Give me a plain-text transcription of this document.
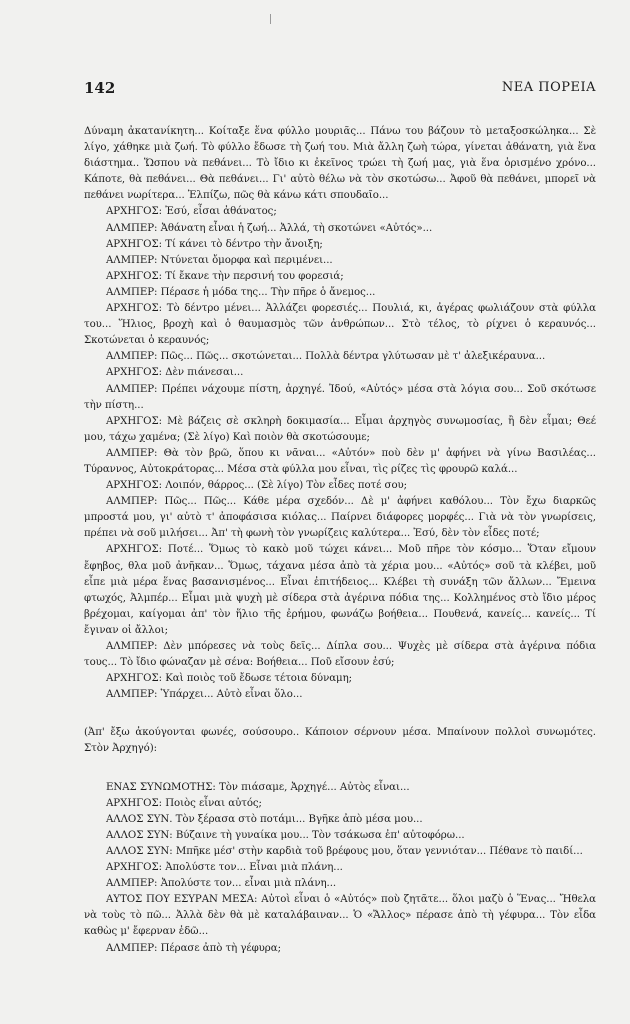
142	ΝΕΑ ΠΟΡΕΙΑ

Δύναμη ἀκατανίκητη... Κοίταξε ἕνα φύλλο μουριᾶς... Πάνω του βάζουν τὸ μεταξοσκώληκα... Σὲ λίγο, χάθηκε μιὰ ζωή. Τὸ φύλλο ἔδωσε τὴ ζωή του. Μιὰ ἄλλη ζωὴ τώρα, γίνεται ἀθάνατη, γιὰ ἕνα διάστημα.. Ὥσπου νὰ πεθάνει... Τὸ ἴδιο κι ἐκεῖνος τρώει τὴ ζωή μας, γιὰ ἕνα ὁρισμένο χρόνο... Κάποτε, θὰ πεθάνει... Θὰ πεθάνει... Γι' αὐτὸ θέλω νὰ τὸν σκοτώσω... Ἀφοῦ θὰ πεθάνει, μπορεῖ νὰ πεθάνει νωρίτερα... Ἐλπίζω, πῶς θὰ κάνω κάτι σπουδαῖο...

ΑΡΧΗΓΟΣ: Ἐσύ, εἶσαι ἀθάνατος;

ΑΛΜΠΕΡ: Ἀθάνατη εἶναι ἡ ζωή... Ἀλλά, τὴ σκοτώνει «Αὐτός»...

ΑΡΧΗΓΟΣ: Τί κάνει τὸ δέντρο τὴν ἄνοιξη;

ΑΛΜΠΕΡ: Ντύνεται ὄμορφα καὶ περιμένει...

ΑΡΧΗΓΟΣ: Τί ἔκανε τὴν περσινή του φορεσιά;

ΑΛΜΠΕΡ: Πέρασε ἡ μόδα της... Τὴν πῆρε ὁ ἄνεμος...

ΑΡΧΗΓΟΣ: Τὸ δέντρο μένει... Ἀλλάζει φορεσιές... Πουλιά, κι, ἀγέρας φωλιάζουν στὰ φύλλα του... Ἥλιος, βροχὴ καὶ ὁ θαυμασμὸς τῶν ἀνθρώπων... Στὸ τέλος, τὸ ρίχνει ὁ κεραυνός... Σκοτώνεται ὁ κεραυνός;

ΑΛΜΠΕΡ: Πῶς... Πῶς... σκοτώνεται... Πολλὰ δέντρα γλύτωσαν μὲ τ' ἀλεξικέραυνα...

ΑΡΧΗΓΟΣ: Δὲν πιάνεσαι...

ΑΛΜΠΕΡ: Πρέπει νάχουμε πίστη, ἀρχηγέ. Ἰδού, «Αὐτός» μέσα στὰ λόγια σου... Σοῦ σκότωσε τὴν πίστη...

ΑΡΧΗΓΟΣ: Μὲ βάζεις σὲ σκληρὴ δοκιμασία... Εἶμαι ἀρχηγὸς συνωμοσίας, ἢ δὲν εἶμαι; Θεέ μου, τάχω χαμένα; (Σὲ λίγο) Καὶ ποιὸν θὰ σκοτώσουμε;

ΑΛΜΠΕΡ: Θὰ τὸν βρῶ, ὅπου κι νᾶναι... «Αὐτόν» ποὺ δὲν μ' ἀφήνει νὰ γίνω Βασιλέας... Τύραννος, Αὐτοκράτορας... Μέσα στὰ φύλλα μου εἶναι, τὶς ρίζες τὶς φρουρῶ καλά...

ΑΡΧΗΓΟΣ: Λοιπόν, θάρρος... (Σὲ λίγο) Τὸν εἶδες ποτέ σου;

ΑΛΜΠΕΡ: Πῶς... Πῶς... Κάθε μέρα σχεδόν... Δὲ μ' ἀφήνει καθόλου... Τὸν ἔχω διαρκῶς μπροστά μου, γι' αὐτὸ τ' ἀποφάσισα κιόλας... Παίρνει διάφορες μορφές... Γιὰ νὰ τὸν γνωρίσεις, πρέπει νὰ σοῦ μιλήσει... Ἀπ' τὴ φωνὴ τὸν γνωρίζεις καλύτερα... Ἐσύ, δὲν τὸν εἶδες ποτέ;

ΑΡΧΗΓΟΣ: Ποτέ... Ὅμως τὸ κακὸ μοῦ τώχει κάνει... Μοῦ πῆρε τὸν κόσμο... Ὅταν εἴμουν ἔφηβος, θλα μοῦ ἀνῆκαν... Ὅμως, τάχανα μέσα ἀπὸ τὰ χέρια μου... «Αὐτός» σοῦ τὰ κλέβει, μοῦ εἶπε μιὰ μέρα ἕνας βασανισμένος... Εἶναι ἐπιτήδειος... Κλέβει τὴ συνάξη τῶν ἄλλων... Ἔμεινα φτωχός, Ἀλμπέρ... Εἶμαι μιὰ ψυχὴ μὲ σίδερα στὰ ἀγέρινα πόδια της... Κολλημένος στὸ ἴδιο μέρος βρέχομαι, καίγομαι ἀπ' τὸν ἥλιο τῆς ἐρήμου, φωνάζω βοήθεια... Πουθενά, κανείς... κανείς... Τί ἔγιναν οἱ ἄλλοι;

ΑΛΜΠΕΡ: Δὲν μπόρεσες νὰ τοὺς δεῖς... Δίπλα σου... Ψυχὲς μὲ σίδερα στὰ ἀγέρινα πόδια τους... Τὸ ἴδιο φώναζαν μὲ σένα: Βοήθεια... Ποῦ εἴσουν ἐσύ;

ΑΡΧΗΓΟΣ: Καὶ ποιὸς τοῦ ἔδωσε τέτοια δύναμη;

ΑΛΜΠΕΡ: Ὑπάρχει... Αὐτὸ εἶναι ὅλο...

(Ἀπ' ἔξω ἀκούγονται φωνές, σούσουρο.. Κάποιον σέρνουν μέσα. Μπαίνουν πολλοὶ συνωμότες. Στὸν Ἀρχηγό):

ΕΝΑΣ ΣΥΝΩΜΟΤΗΣ: Τὸν πιάσαμε, Ἀρχηγέ... Αὐτὸς εἶναι...

ΑΡΧΗΓΟΣ: Ποιὸς εἶναι αὐτός;

ΑΛΛΟΣ ΣΥΝ. Τὸν ξέρασα στὸ ποτάμι... Βγῆκε ἀπὸ μέσα μου...

ΑΛΛΟΣ ΣΥΝ: Βύζαινε τὴ γυναίκα μου... Τὸν τσάκωσα ἐπ' αὐτοφόρω...

ΑΛΛΟΣ ΣΥΝ: Μπῆκε μέσ' στὴν καρδιὰ τοῦ βρέφους μου, ὅταν γεννιόταν... Πέθανε τὸ παιδί...

ΑΡΧΗΓΟΣ: Ἀπολύστε τον... Εἶναι μιὰ πλάνη...

ΑΛΜΠΕΡ: Ἀπολύστε τον... εἶναι μιὰ πλάνη...

ΑΥΤΟΣ ΠΟΥ ΕΣΥΡΑΝ ΜΕΣΑ: Αὐτοὶ εἶναι ὁ «Αὐτός» ποὺ ζητᾶτε... ὅλοι μαζὺ ὁ Ἕνας... Ἤθελα νὰ τοὺς τὸ πῶ... Ἀλλὰ δὲν θὰ μὲ καταλάβαιναν... Ὁ «Ἄλλος» πέρασε ἀπὸ τὴ γέφυρα... Τὸν εἶδα καθὼς μ' ἔφερναν ἐδῶ...

ΑΛΜΠΕΡ: Πέρασε ἀπὸ τὴ γέφυρα;
